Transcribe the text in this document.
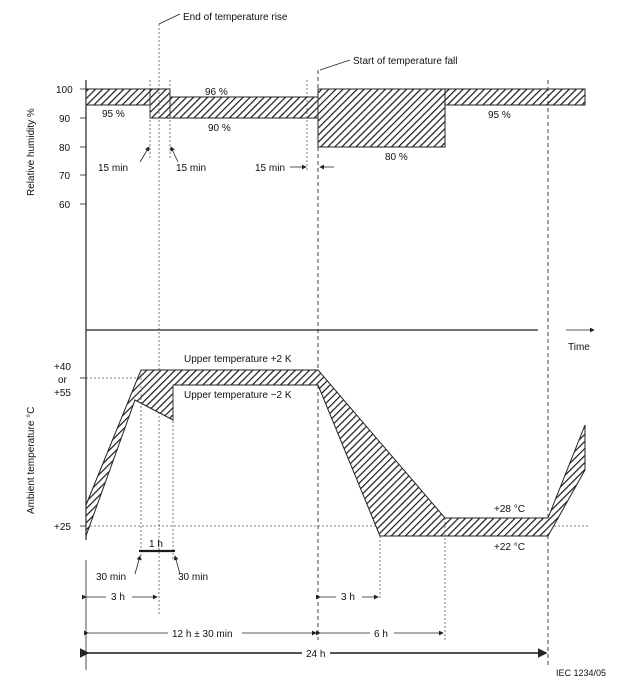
End of temperature rise
Start of temperature fall
Relative humidity %
100
90
80
70
60
95 %
96 %
90 %
80 %
95 %
15 min	15 min	15 min
Time
Ambient temperature °C
+40
or
+55
+25
Upper temperature +2 K
Upper temperature −2 K
+28 °C
+22 °C
1 h
30 min	30 min
3 h	3 h
6 h
12 h ± 30 min
24 h
IEC 1234/05
